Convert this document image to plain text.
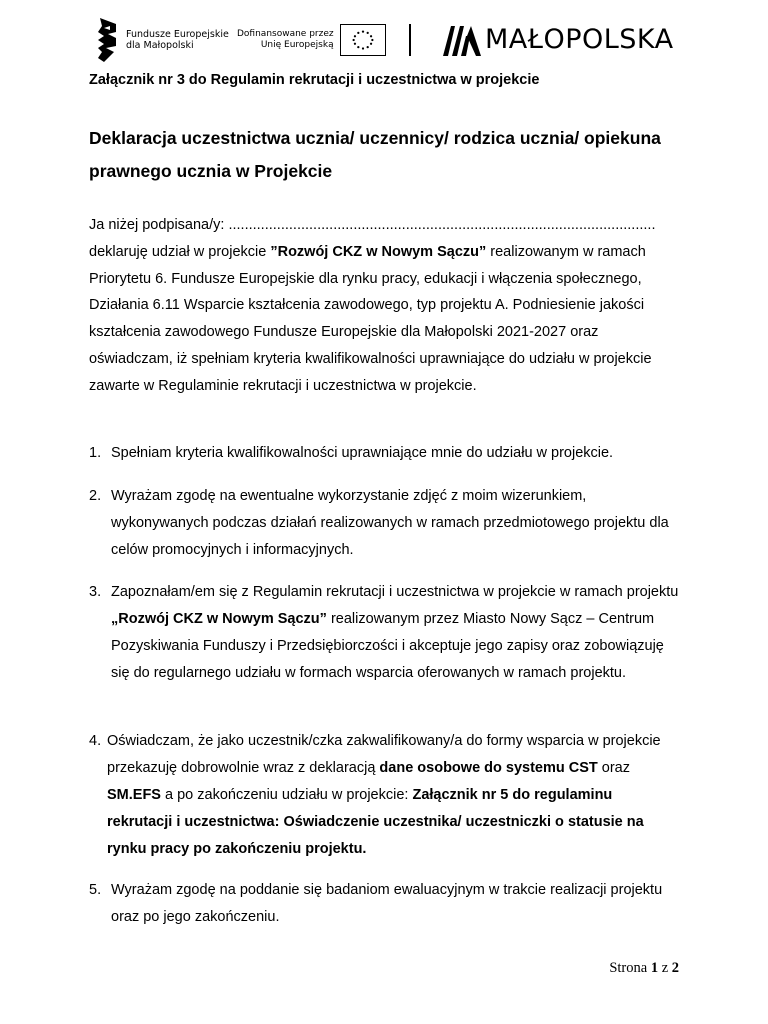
Fundusze Europejskie
dla Małopolski
Dofinansowane przez
Unię Europejską	MAŁOPOLSKA
Załącznik nr 3 do Regulamin rekrutacji i uczestnictwa w projekcie
Deklaracja uczestnictwa ucznia/ uczennicy/ rodzica ucznia/ opiekuna prawnego ucznia w Projekcie
Ja niżej podpisana/y: ..........................................................................................................
deklaruję udział w projekcie ”Rozwój CKZ w Nowym Sączu” realizowanym w ramach Priorytetu 6. Fundusze Europejskie dla rynku pracy, edukacji i włączenia społecznego, Działania 6.11 Wsparcie kształcenia zawodowego, typ projektu A. Podniesienie jakości kształcenia zawodowego Fundusze Europejskie dla Małopolski 2021-2027 oraz oświadczam, iż spełniam kryteria kwalifikowalności uprawniające do udziału w projekcie zawarte w Regulaminie rekrutacji i uczestnictwa w projekcie.
1. Spełniam kryteria kwalifikowalności uprawniające mnie do udziału w projekcie.
2. Wyrażam zgodę na ewentualne wykorzystanie zdjęć z moim wizerunkiem, wykonywanych podczas działań realizowanych w ramach przedmiotowego projektu dla celów promocyjnych i informacyjnych.
3. Zapoznałam/em się z Regulamin rekrutacji i uczestnictwa w projekcie w ramach projektu „Rozwój CKZ w Nowym Sączu” realizowanym przez Miasto Nowy Sącz – Centrum Pozyskiwania Funduszy i Przedsiębiorczości i akceptuje jego zapisy oraz zobowiązuję się do regularnego udziału w formach wsparcia oferowanych w ramach projektu.
4. Oświadczam, że jako uczestnik/czka zakwalifikowany/a do formy wsparcia w projekcie przekazuję dobrowolnie wraz z deklaracją dane osobowe do systemu CST oraz SM.EFS a po zakończeniu udziału w projekcie: Załącznik nr 5 do regulaminu rekrutacji i uczestnictwa: Oświadczenie uczestnika/ uczestniczki o statusie na rynku pracy po zakończeniu projektu.
5. Wyrażam zgodę na poddanie się badaniom ewaluacyjnym w trakcie realizacji projektu oraz po jego zakończeniu.
Strona 1 z 2
